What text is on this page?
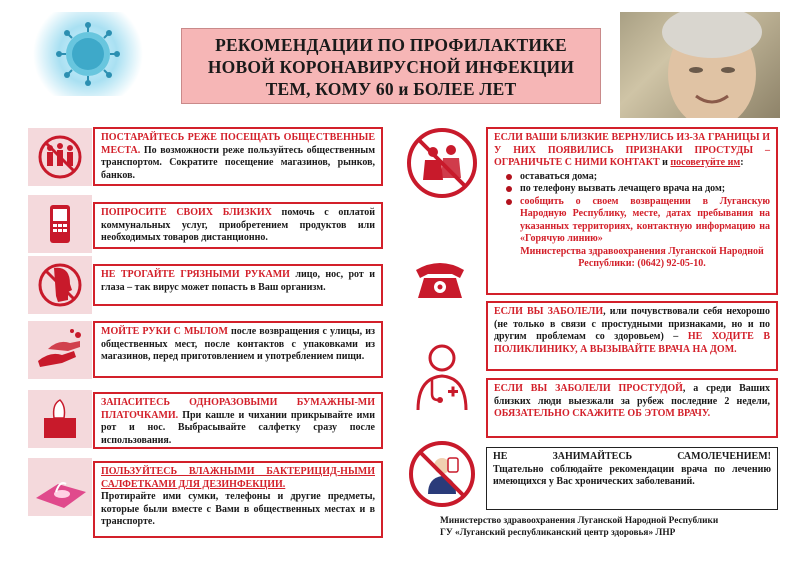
РЕКОМЕНДАЦИИ ПО ПРОФИЛАКТИКЕ
НОВОЙ КОРОНАВИРУСНОЙ ИНФЕКЦИИ
ТЕМ, КОМУ 60 и БОЛЕЕ ЛЕТ
ПОСТАРАЙТЕСЬ РЕЖЕ ПОСЕЩАТЬ ОБЩЕСТВЕННЫЕ МЕСТА. По возможности реже пользуйтесь общественным транспортом. Сократите посещение магазинов, рынков, банков.
ПОПРОСИТЕ СВОИХ БЛИЗКИХ помочь с оплатой коммунальных услуг, приобретением продуктов или необходимых товаров дистанционно.
НЕ ТРОГАЙТЕ ГРЯЗНЫМИ РУКАМИ лицо, нос, рот и глаза – так вирус может попасть в Ваш организм.
МОЙТЕ РУКИ С МЫЛОМ после возвращения с улицы, из общественных мест, после контактов с упаковками из магазинов, перед приготовлением и употреблением пищи.
ЗАПАСИТЕСЬ ОДНОРАЗОВЫМИ БУМАЖНЫ-МИ ПЛАТОЧКАМИ. При кашле и чихании прикрывайте ими рот и нос. Выбрасывайте салфетку сразу после использования.
ПОЛЬЗУЙТЕСЬ ВЛАЖНЫМИ БАКТЕРИЦИД-НЫМИ САЛФЕТКАМИ ДЛЯ ДЕЗИНФЕКЦИИ.
Протирайте ими сумки, телефоны и другие предметы, которые были вместе с Вами в общественных местах и в транспорте.
ЕСЛИ ВАШИ БЛИЗКИЕ ВЕРНУЛИСЬ ИЗ-ЗА ГРАНИЦЫ И У НИХ ПОЯВИЛИСЬ ПРИЗНАКИ ПРОСТУДЫ – ОГРАНИЧЬТЕ С НИМИ КОНТАКТ и посоветуйте им:
оставаться дома;
по телефону вызвать лечащего врача на дом;
сообщить о своем возвращении в Луганскую Народную Республику, месте, датах пребывания на указанных территориях, контактную информацию на «Горячую линию»
Министерства здравоохранения Луганской Народной Республики: (0642) 92-05-10.
ЕСЛИ ВЫ ЗАБОЛЕЛИ, или почувствовали себя нехорошо (не только в связи с простудными признаками, но и по другим проблемам со здоровьем) – НЕ ХОДИТЕ В ПОЛИКЛИНИКУ, А ВЫЗЫВАЙТЕ ВРАЧА НА ДОМ.
ЕСЛИ ВЫ ЗАБОЛЕЛИ ПРОСТУДОЙ, а среди Ваших близких люди выезжали за рубеж последние 2 недели, ОБЯЗАТЕЛЬНО СКАЖИТЕ ОБ ЭТОМ ВРАЧУ.
НЕ ЗАНИМАЙТЕСЬ САМОЛЕЧЕНИЕМ!
Тщательно соблюдайте рекомендации врача по лечению имеющихся у Вас хронических заболеваний.
Министерство здравоохранения Луганской Народной Республики
ГУ «Луганский республиканский центр здоровья» ЛНР
